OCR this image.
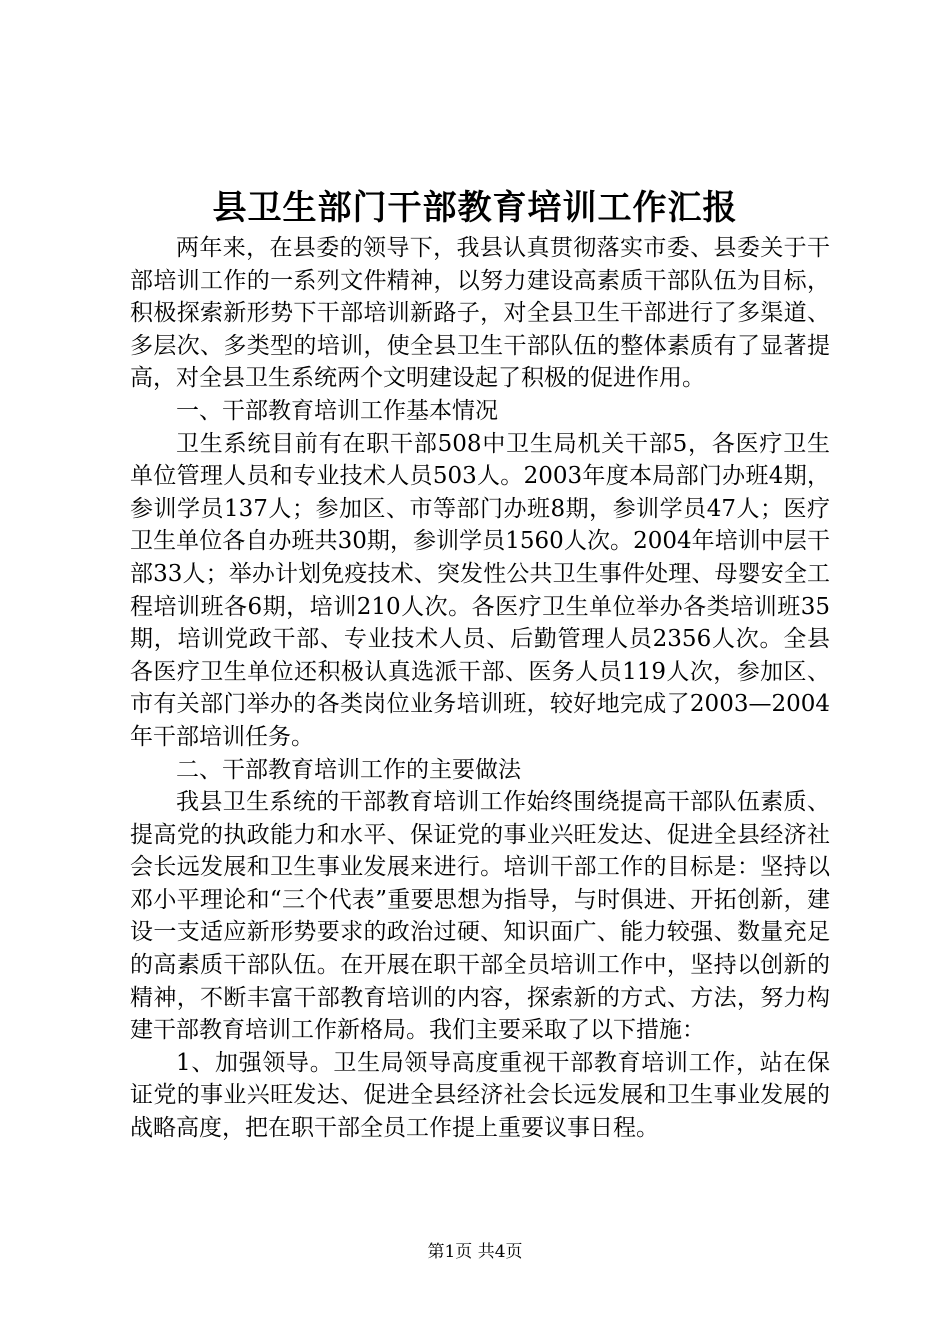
县卫生部门干部教育培训工作汇报

两年来，在县委的领导下，我县认真贯彻落实市委、县委关于干部培训工作的一系列文件精神，以努力建设高素质干部队伍为目标，积极探索新形势下干部培训新路子，对全县卫生干部进行了多渠道、多层次、多类型的培训，使全县卫生干部队伍的整体素质有了显著提高，对全县卫生系统两个文明建设起了积极的促进作用。

一、干部教育培训工作基本情况

卫生系统目前有在职干部508中卫生局机关干部5，各医疗卫生单位管理人员和专业技术人员503人。2003年度本局部门办班4期，参训学员137人；参加区、市等部门办班8期，参训学员47人；医疗卫生单位各自办班共30期，参训学员1560人次。2004年培训中层干部33人；举办计划免疫技术、突发性公共卫生事件处理、母婴安全工程培训班各6期，培训210人次。各医疗卫生单位举办各类培训班35期，培训党政干部、专业技术人员、后勤管理人员2356人次。全县各医疗卫生单位还积极认真选派干部、医务人员119人次，参加区、市有关部门举办的各类岗位业务培训班，较好地完成了2003—2004年干部培训任务。

二、干部教育培训工作的主要做法

我县卫生系统的干部教育培训工作始终围绕提高干部队伍素质、提高党的执政能力和水平、保证党的事业兴旺发达、促进全县经济社会长远发展和卫生事业发展来进行。培训干部工作的目标是：坚持以邓小平理论和“三个代表”重要思想为指导，与时俱进、开拓创新，建设一支适应新形势要求的政治过硬、知识面广、能力较强、数量充足的高素质干部队伍。在开展在职干部全员培训工作中，坚持以创新的精神，不断丰富干部教育培训的内容，探索新的方式、方法，努力构建干部教育培训工作新格局。我们主要采取了以下措施：

1、加强领导。卫生局领导高度重视干部教育培训工作，站在保证党的事业兴旺发达、促进全县经济社会长远发展和卫生事业发展的战略高度，把在职干部全员工作提上重要议事日程。

第1页 共4页
